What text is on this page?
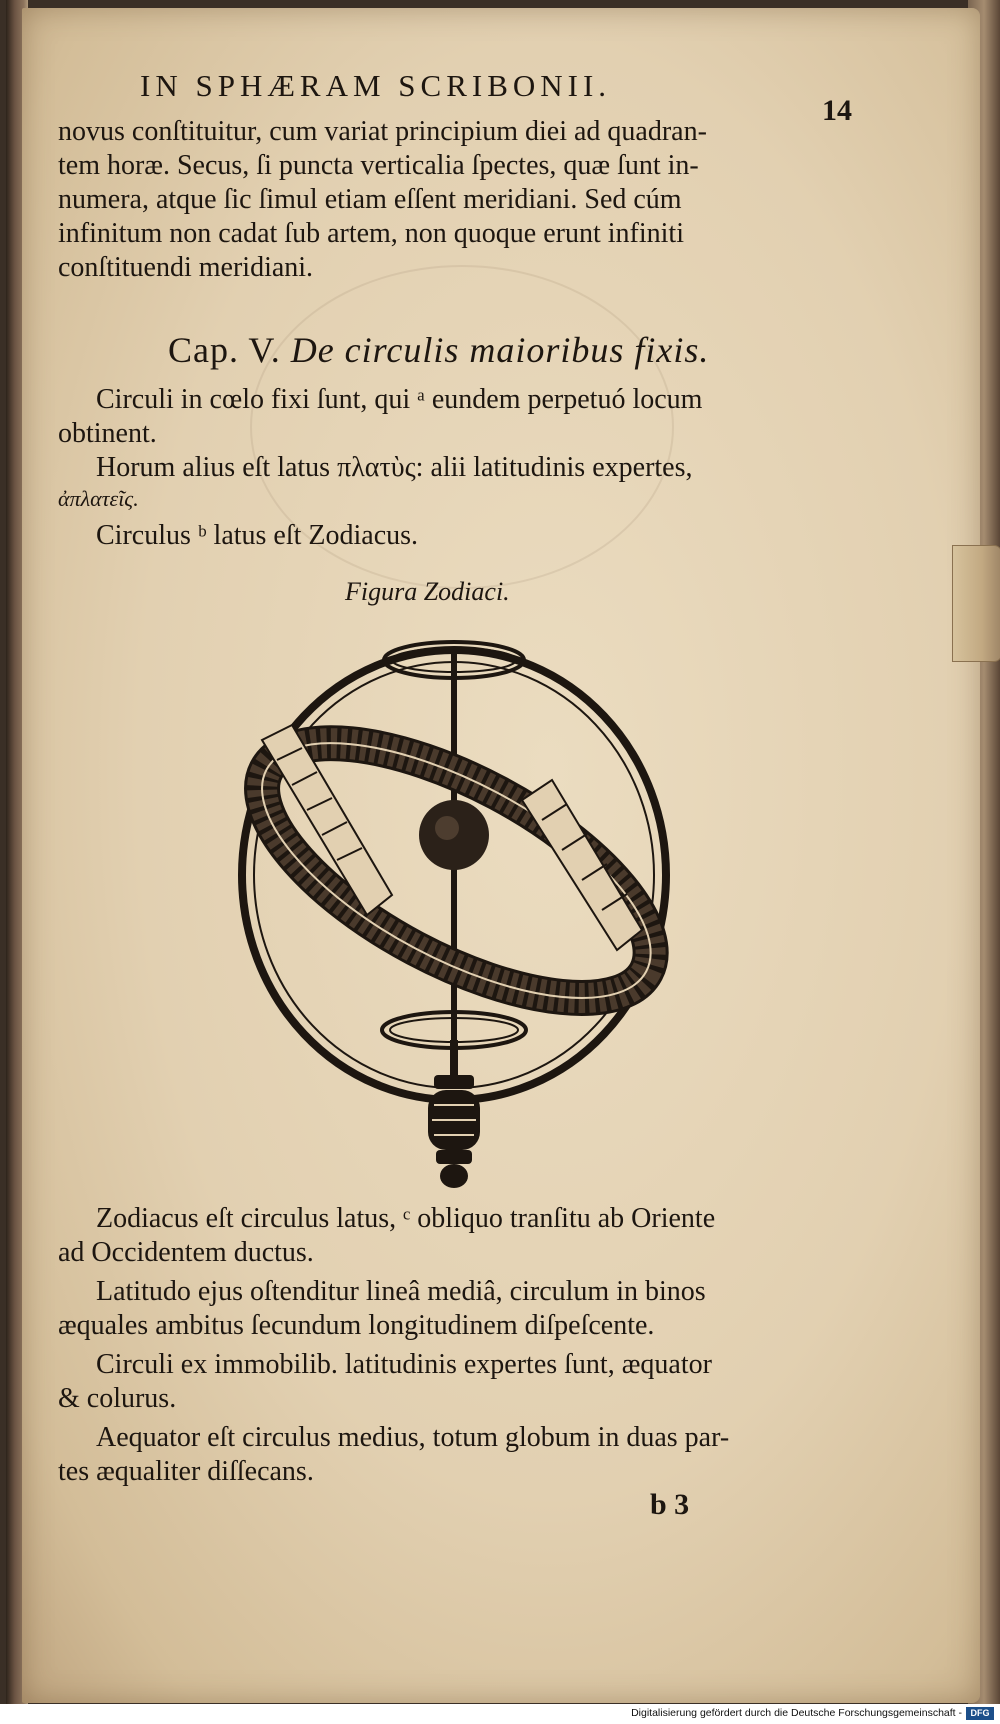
IN SPHÆRAM SCRIBONII.
14
novus conſtituitur, cum variat principium diei ad quadran-
tem horæ. Secus, ſi puncta verticalia ſpectes, quæ ſunt in-
numera, atque ſic ſimul etiam eſſent meridiani. Sed cúm
infinitum non cadat ſub artem, non quoque erunt infiniti
conſtituendi meridiani.
Cap. V. De circulis maioribus fixis.
Circuli in cœlo fixi ſunt, qui ᵃ eundem perpetuó locum
obtinent.
Horum alius eſt latus πλατὺς: alii latitudinis expertes,
ἀπλατεῖς.
Circulus ᵇ latus eſt Zodiacus.
Figura Zodiaci.
Zodiacus eſt circulus latus, ᶜ obliquo tranſitu ab Oriente
ad Occidentem ductus.
Latitudo ejus oſtenditur lineâ mediâ, circulum in binos
æquales ambitus ſecundum longitudinem diſpeſcente.
Circuli ex immobilib. latitudinis expertes ſunt, æquator
& colurus.
Aequator eſt circulus medius, totum globum in duas par-
tes æqualiter diſſecans.
b 3
Digitalisierung gefördert durch die Deutsche Forschungsgemeinschaft - DFG
